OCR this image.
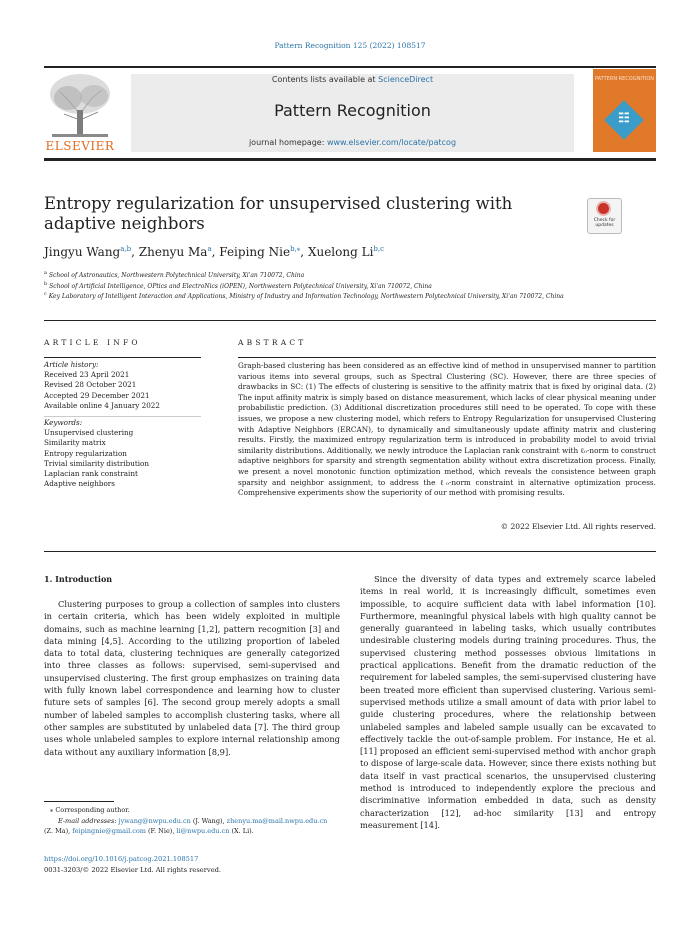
Pattern Recognition 125 (2022) 108517
ELSEVIER
Contents lists available at ScienceDirect
Pattern Recognition
journal homepage: www.elsevier.com/locate/patcog
PATTERN RECOGNITION
☷
Entropy regularization for unsupervised clustering with adaptive neighbors	Check for updates
Jingyu Wang$^{a,b}$, Zhenyu Ma$^a$, Feiping Nie$^{b,⁎}$, Xuelong Li$^{b,c}$
$^a$ School of Astronautics, Northwestern Polytechnical University, Xi'an 710072, China
$^b$ School of Artificial Intelligence, OPtics and ElectroNics (iOPEN), Northwestern Polytechnical University, Xi'an 710072, China
$^c$ Key Laboratory of Intelligent Interaction and Applications, Ministry of Industry and Information Technology, Northwestern Polytechnical University, Xi'an 710072, China
ARTICLE INFO	ABSTRACT
Article history:
Received 23 April 2021
Revised 28 October 2021
Accepted 29 December 2021
Available online 4 January 2022
Keywords:
Unsupervised clustering
Similarity matrix
Entropy regularization
Trivial similarity distribution
Laplacian rank constraint
Adaptive neighbors
Graph-based clustering has been considered as an effective kind of method in unsupervised manner to partition various items into several groups, such as Spectral Clustering (SC). However, there are three species of drawbacks in SC: (1) The effects of clustering is sensitive to the affinity matrix that is fixed by original data. (2) The input affinity matrix is simply based on distance measurement, which lacks of clear physical meaning under probabilistic prediction. (3) Additional discretization procedures still need to be operated. To cope with these issues, we propose a new clustering model, which refers to Entropy Regularization for unsupervised Clustering with Adaptive Neighbors (ERCAN), to dynamically and simultaneously update affinity matrix and clustering results. Firstly, the maximized entropy regularization term is introduced in probability model to avoid trivial similarity distributions. Additionally, we newly introduce the Laplacian rank constraint with ℓ₀-norm to construct adaptive neighbors for sparsity and strength segmentation ability without extra discretization process. Finally, we present a novel monotonic function optimization method, which reveals the consistence between graph sparsity and neighbor assignment, to address the ℓ₀-norm constraint in alternative optimization process. Comprehensive experiments show the superiority of our method with promising results.
© 2022 Elsevier Ltd. All rights reserved.
1. Introduction

Clustering purposes to group a collection of samples into clusters in certain criteria, which has been widely exploited in multiple domains, such as machine learning [1,2], pattern recognition [3] and data mining [4,5]. According to the utilizing proportion of labeled data to total data, clustering techniques are generally categorized into three classes as follows: supervised, semi-supervised and unsupervised clustering. The first group emphasizes on training data with fully known label correspondence and learning how to cluster future sets of samples [6]. The second group merely adopts a small number of labeled samples to accomplish clustering tasks, where all other samples are substituted by unlabeled data [7]. The third group uses whole unlabeled samples to explore internal relationship among data without any auxiliary information [8,9].

Since the diversity of data types and extremely scarce labeled items in real world, it is increasingly difficult, sometimes even impossible, to acquire sufficient data with label information [10]. Furthermore, meaningful physical labels with high quality cannot be generally guaranteed in labeling tasks, which usually contributes undesirable clustering models during training procedures. Thus, the supervised clustering method possesses obvious limitations in practical applications. Benefit from the dramatic reduction of the requirement for labeled samples, the semi-supervised clustering have been treated more efficient than supervised clustering. Various semi-supervised methods utilize a small amount of data with prior label to guide clustering procedures, where the relationship between unlabeled samples and labeled sample usually can be excavated to effectively tackle the out-of-sample problem. For instance, He et al. [11] proposed an efficient semi-supervised method with anchor graph to dispose of large-scale data. However, since there exists nothing but data itself in vast practical scenarios, the unsupervised clustering method is introduced to independently explore the precious and discriminative information embedded in data, such as density characterization [12], ad-hoc similarity [13] and entropy measurement [14].

⁎ Corresponding author.
E-mail addresses: jywang@nwpu.edu.cn (J. Wang), zhenyu.ma@mail.nwpu.edu.cn
(Z. Ma), feipingnie@gmail.com (F. Nie), li@nwpu.edu.cn (X. Li).
https://doi.org/10.1016/j.patcog.2021.108517
0031-3203/© 2022 Elsevier Ltd. All rights reserved.
